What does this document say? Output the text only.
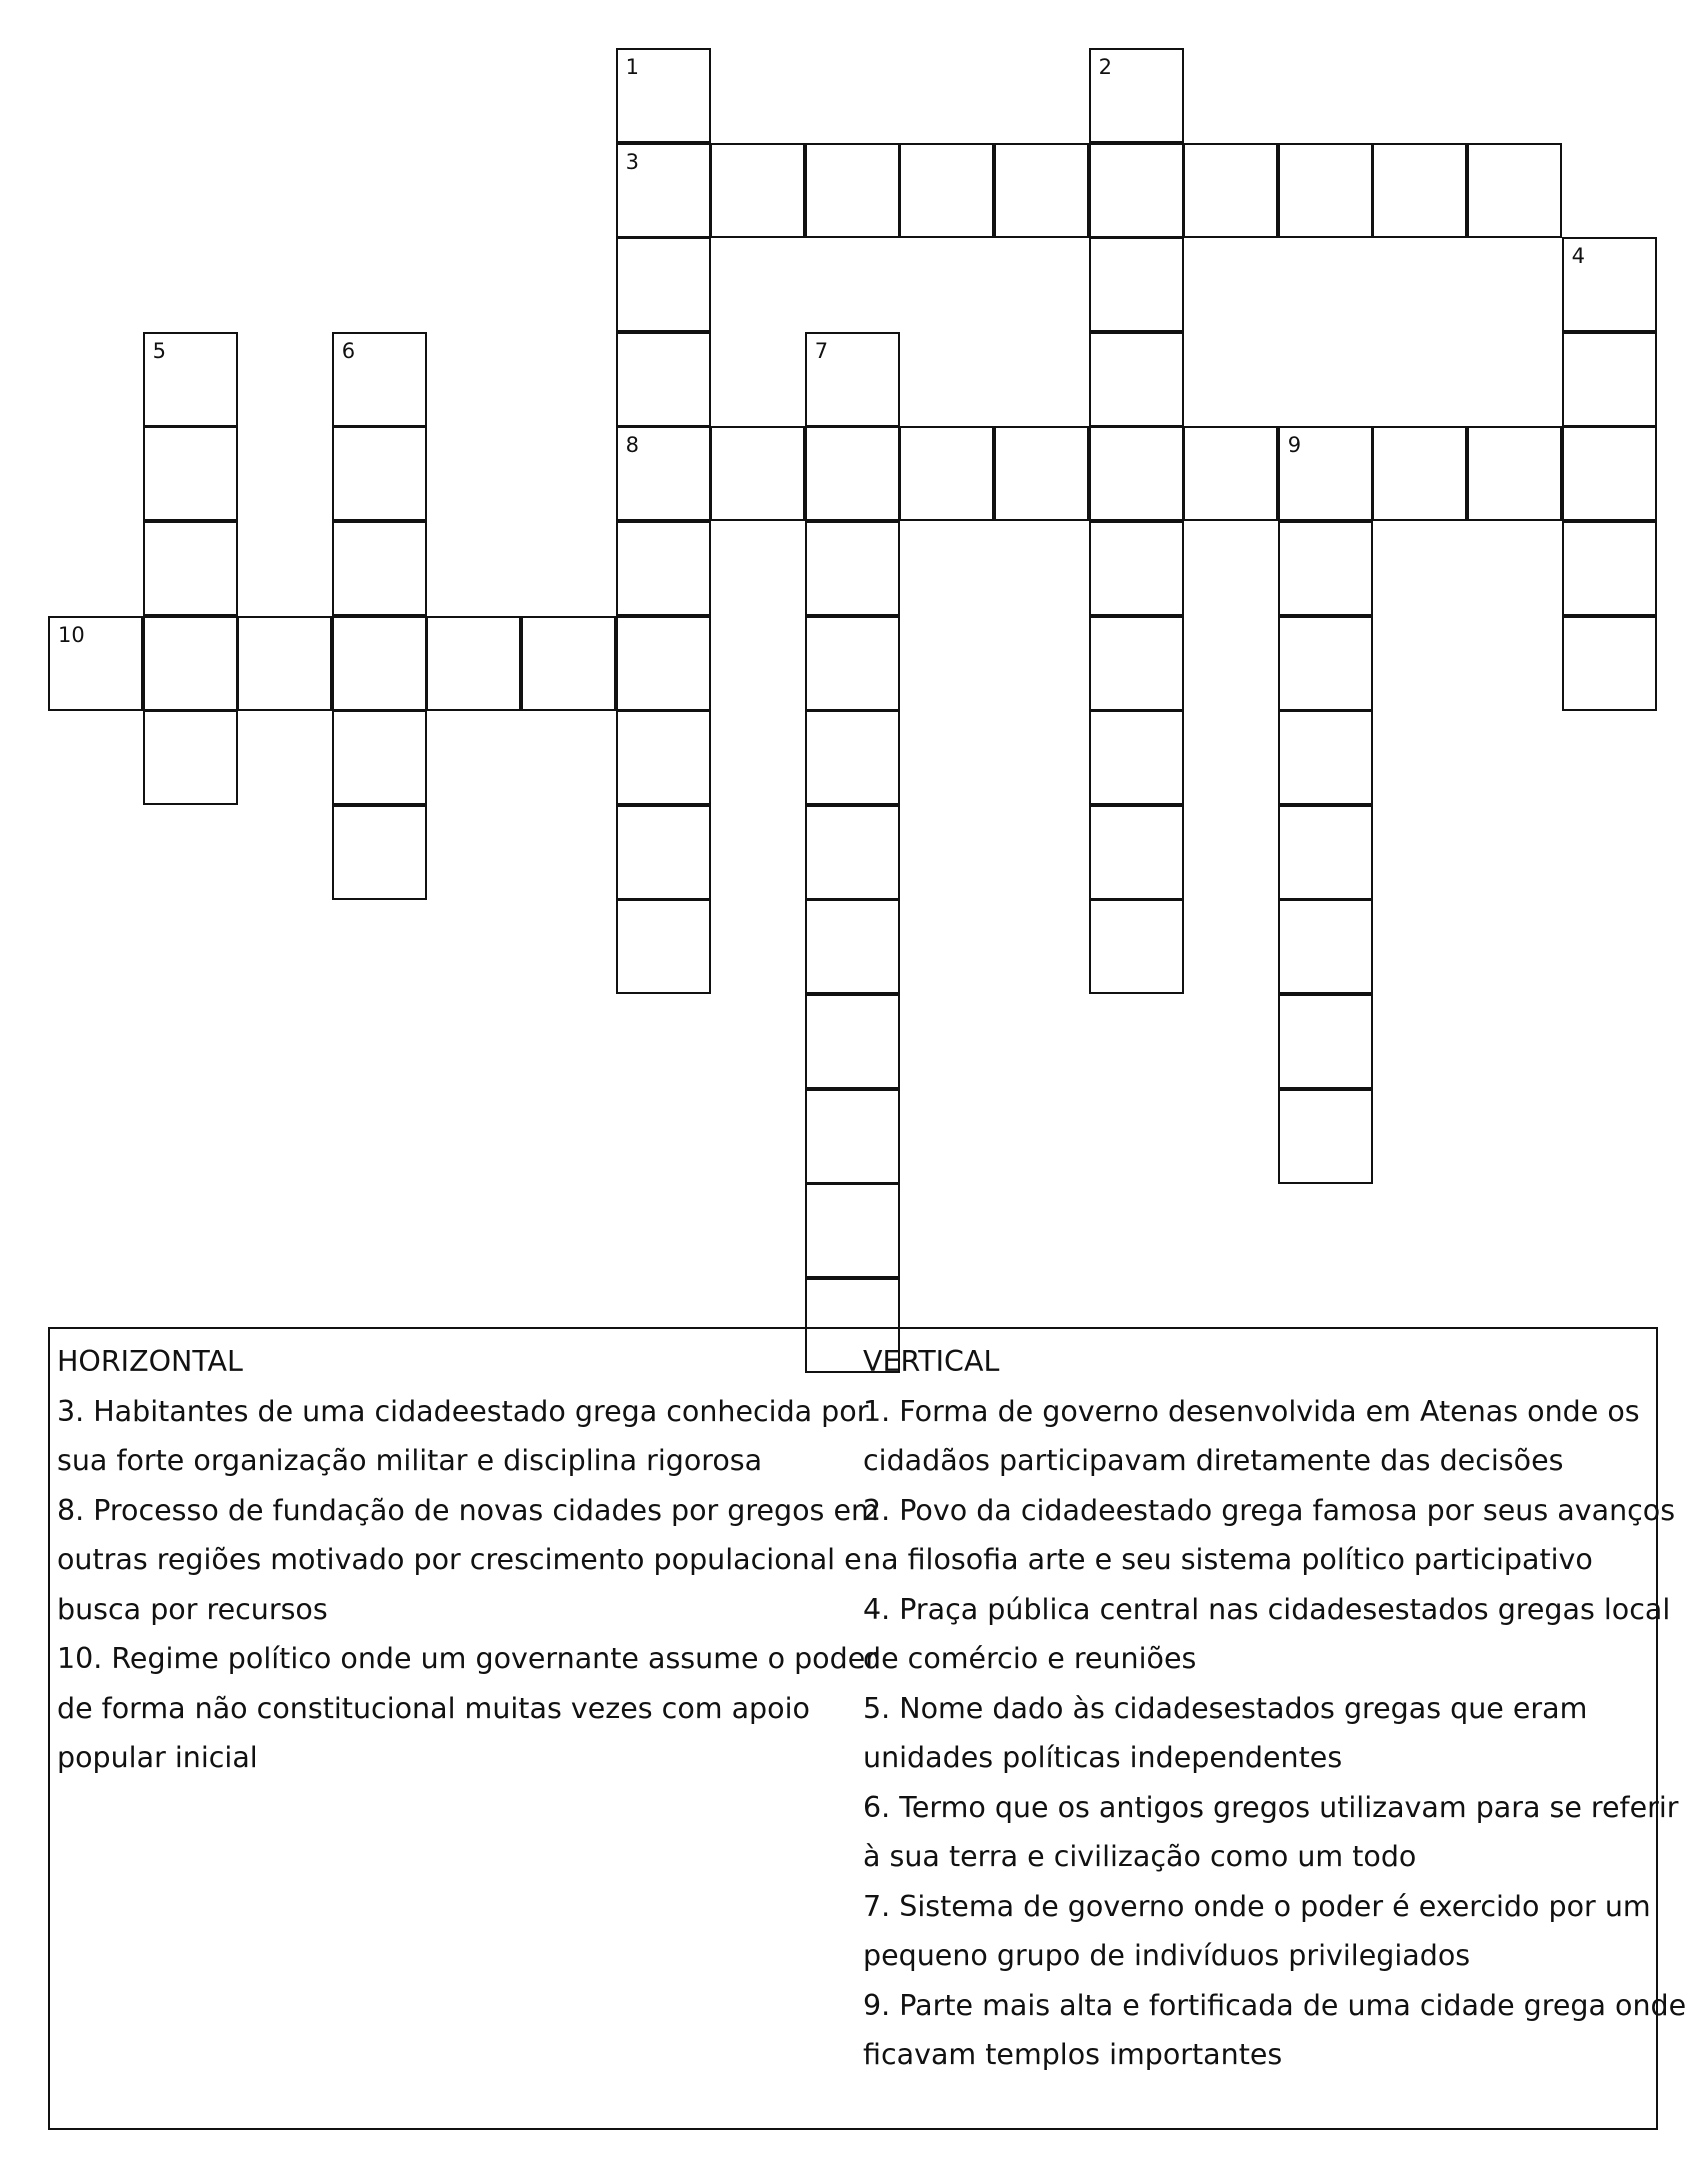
1
3
8
2
4
5	6	7
9
10
HORIZONTAL
3. Habitantes de uma cidadeestado grega conhecida por
sua forte organização militar e disciplina rigorosa
8. Processo de fundação de novas cidades por gregos em
outras regiões motivado por crescimento populacional e
busca por recursos
10. Regime político onde um governante assume o poder
de forma não constitucional muitas vezes com apoio
popular inicial
VERTICAL
1. Forma de governo desenvolvida em Atenas onde os
cidadãos participavam diretamente das decisões
2. Povo da cidadeestado grega famosa por seus avanços
na filosofia arte e seu sistema político participativo
4. Praça pública central nas cidadesestados gregas local
de comércio e reuniões
5. Nome dado às cidadesestados gregas que eram
unidades políticas independentes
6. Termo que os antigos gregos utilizavam para se referir
à sua terra e civilização como um todo
7. Sistema de governo onde o poder é exercido por um
pequeno grupo de indivíduos privilegiados
9. Parte mais alta e fortificada de uma cidade grega onde
ficavam templos importantes
